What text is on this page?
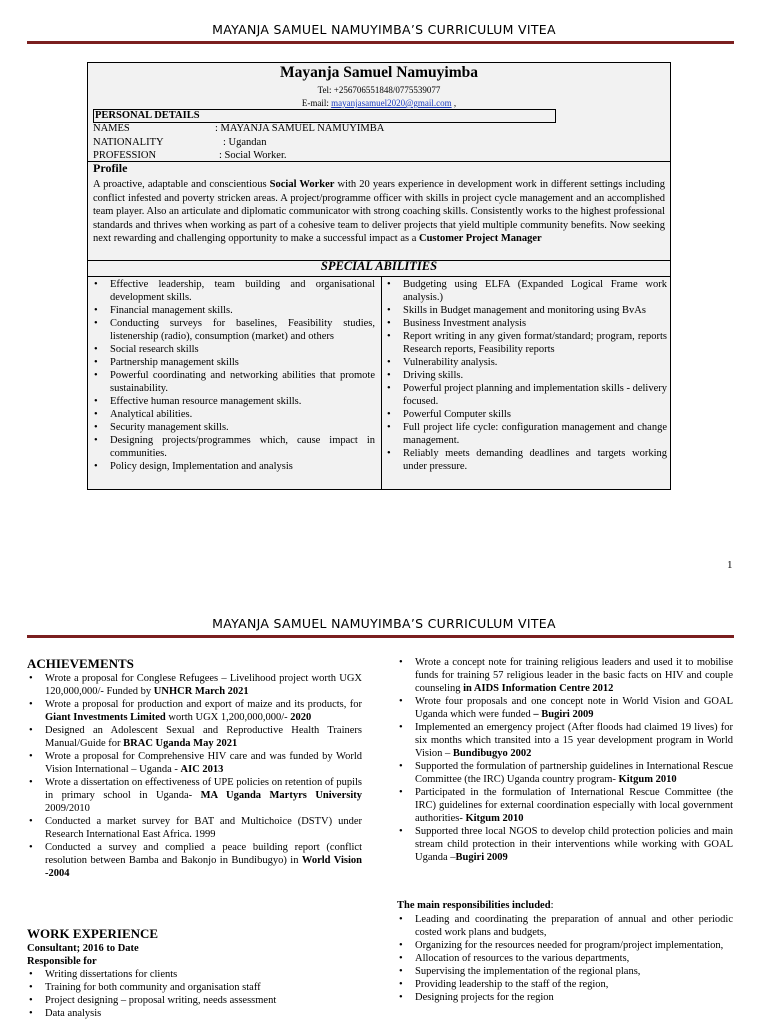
MAYANJA SAMUEL NAMUYIMBA’S CURRICULUM VITEA
Mayanja Samuel Namuyimba
Tel: +256706551848/0775539077
E-mail: mayanjasamuel2020@gmail.com ,
PERSONAL DETAILS
NAMES	: MAYANJA SAMUEL NAMUYIMBA
NATIONALITY	: Ugandan
PROFESSION	: Social Worker.
Profile
A proactive, adaptable and conscientious Social Worker with 20 years experience in development work in different settings including conflict infested and poverty stricken areas. A project/programme officer with skills in project cycle management and an accomplished team player. Also an articulate and diplomatic communicator with strong coaching skills. Consistently works to the highest professional standards and thrives when working as part of a cohesive team to deliver projects that yield multiple community benefits. Now seeking next rewarding and challenging opportunity to make a successful impact as a Customer Project Manager
SPECIAL ABILITIES
• Effective leadership, team building and organisational development skills.
• Financial management skills.
• Conducting surveys for baselines, Feasibility studies, listenership (radio), consumption (market) and others
• Social research skills
• Partnership management skills
• Powerful coordinating and networking abilities that promote sustainability.
• Effective human resource management skills.
• Analytical abilities.
• Security management skills.
• Designing projects/programmes which, cause impact in communities.
• Policy design, Implementation and analysis
• Budgeting using ELFA (Expanded Logical Frame work analysis.)
• Skills in Budget management and monitoring using BvAs
• Business Investment analysis
• Report writing in any given format/standard; program, reports Research reports, Feasibility reports
• Vulnerability analysis.
• Driving skills.
• Powerful project planning and implementation skills - delivery focused.
• Powerful Computer skills
• Full project life cycle: configuration management and change management.
• Reliably meets demanding deadlines and targets working under pressure.
1
MAYANJA SAMUEL NAMUYIMBA’S CURRICULUM VITEA
ACHIEVEMENTS
• Wrote a proposal for Conglese Refugees – Livelihood project worth UGX 120,000,000/- Funded by UNHCR March 2021
• Wrote a proposal for production and export of maize and its products, for Giant Investments Limited worth UGX 1,200,000,000/- 2020
• Designed an Adolescent Sexual and Reproductive Health Trainers Manual/Guide for BRAC Uganda May 2021
• Wrote a proposal for Comprehensive HIV care and was funded by World Vision International – Uganda - AIC 2013
• Wrote a dissertation on effectiveness of UPE policies on retention of pupils in primary school in Uganda- MA Uganda Martyrs University 2009/2010
• Conducted a market survey for BAT and Multichoice (DSTV) under Research International East Africa. 1999
• Conducted a survey and complied a peace building report (conflict resolution between Bamba and Bakonjo in Bundibugyo) in World Vision -2004
• Wrote a concept note for training religious leaders and used it to mobilise funds for training 57 religious leader in the basic facts on HIV and couple counseling in AIDS Information Centre 2012
• Wrote four proposals and one concept note in World Vision and GOAL Uganda which were funded – Bugiri 2009
• Implemented an emergency project (After floods had claimed 19 lives) for six months which transited into a 15 year development program in World Vision – Bundibugyo 2002
• Supported the formulation of partnership guidelines in International Rescue Committee (the IRC) Uganda country program- Kitgum 2010
• Participated in the formulation of International Rescue Committee (the IRC) guidelines for external coordination especially with local government authorities- Kitgum 2010
• Supported three local NGOS to develop child protection policies and main stream child protection in their interventions while working with GOAL Uganda –Bugiri 2009
WORK EXPERIENCE
Consultant; 2016 to Date
Responsible for
• Writing dissertations for clients
• Training for both community and organisation staff
• Project designing – proposal writing, needs assessment
• Data analysis
The main responsibilities included:
• Leading and coordinating the preparation of annual and other periodic costed work plans and budgets,
• Organizing for the resources needed for program/project implementation,
• Allocation of resources to the various departments,
• Supervising the implementation of the regional plans,
• Providing leadership to the staff of the region,
• Designing projects for the region
